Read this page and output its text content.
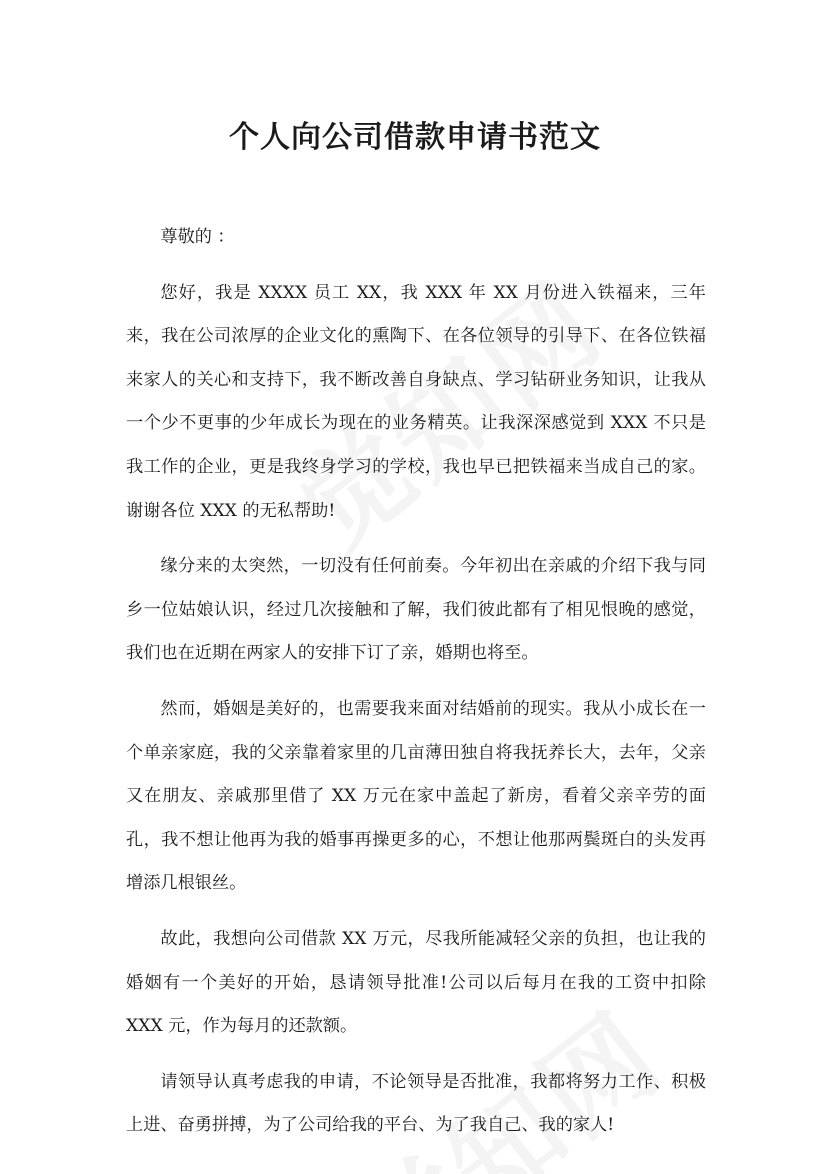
个人向公司借款申请书范文

尊敬的 ：

您好，我是 XXXX 员工 XX，我 XXX 年 XX 月份进入铁福来，三年来，我在公司浓厚的企业文化的熏陶下、在各位领导的引导下、在各位铁福来家人的关心和支持下，我不断改善自身缺点、学习钻研业务知识，让我从一个少不更事的少年成长为现在的业务精英。让我深深感觉到 XXX 不只是我工作的企业，更是我终身学习的学校，我也早已把铁福来当成自己的家。谢谢各位 XXX 的无私帮助!

缘分来的太突然，一切没有任何前奏。今年初出在亲戚的介绍下我与同乡一位姑娘认识，经过几次接触和了解，我们彼此都有了相见恨晚的感觉，我们也在近期在两家人的安排下订了亲，婚期也将至。

然而，婚姻是美好的，也需要我来面对结婚前的现实。我从小成长在一个单亲家庭，我的父亲靠着家里的几亩薄田独自将我抚养长大，去年，父亲又在朋友、亲戚那里借了 XX 万元在家中盖起了新房，看着父亲辛劳的面孔，我不想让他再为我的婚事再操更多的心，不想让他那两鬓斑白的头发再增添几根银丝。

故此，我想向公司借款 XX 万元，尽我所能减轻父亲的负担，也让我的婚姻有一个美好的开始，恳请领导批准!公司以后每月在我的工资中扣除 XXX 元，作为每月的还款额。

请领导认真考虑我的申请，不论领导是否批准，我都将努力工作、积极上进、奋勇拼搏，为了公司给我的平台、为了我自己、我的家人!
